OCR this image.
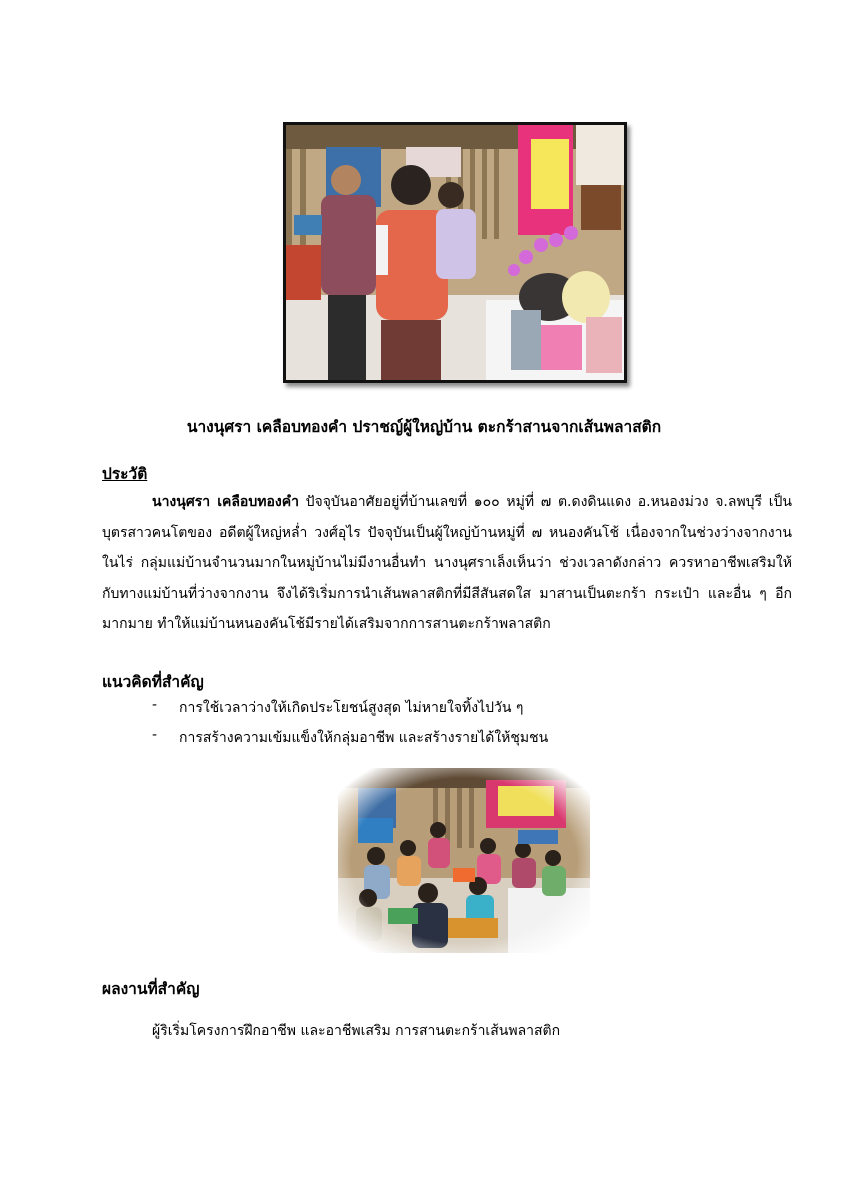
นางนุศรา เคลือบทองคำ ปราชญ์ผู้ใหญ่บ้าน ตะกร้าสานจากเส้นพลาสติก
ประวัติ
นางนุศรา เคลือบทองคำ ปัจจุบันอาศัยอยู่ที่บ้านเลขที่ ๑๐๐ หมู่ที่ ๗ ต.ดงดินแดง อ.หนองม่วง จ.ลพบุรี เป็นบุตรสาวคนโตของ อดีตผู้ใหญ่หล่ำ วงศ์อุไร ปัจจุบันเป็นผู้ใหญ่บ้านหมู่ที่ ๗ หนองคันโช้ เนื่องจากในช่วงว่างจากงานในไร่ กลุ่มแม่บ้านจำนวนมากในหมู่บ้านไม่มีงานอื่นทำ นางนุศราเล็งเห็นว่า ช่วงเวลาดังกล่าว ควรหาอาชีพเสริมให้กับทางแม่บ้านที่ว่างจากงาน จึงได้ริเริ่มการนำเส้นพลาสติกที่มีสีสันสดใส มาสานเป็นตะกร้า กระเป๋า และอื่น ๆ อีกมากมาย ทำให้แม่บ้านหนองคันโช้มีรายได้เสริมจากการสานตะกร้าพลาสติก
แนวคิดที่สำคัญ
-	การใช้เวลาว่างให้เกิดประโยชน์สูงสุด ไม่หายใจทิ้งไปวัน ๆ
-	การสร้างความเข้มแข็งให้กลุ่มอาชีพ และสร้างรายได้ให้ชุมชน
ผลงานที่สำคัญ
ผู้ริเริ่มโครงการฝึกอาชีพ และอาชีพเสริม การสานตะกร้าเส้นพลาสติก
